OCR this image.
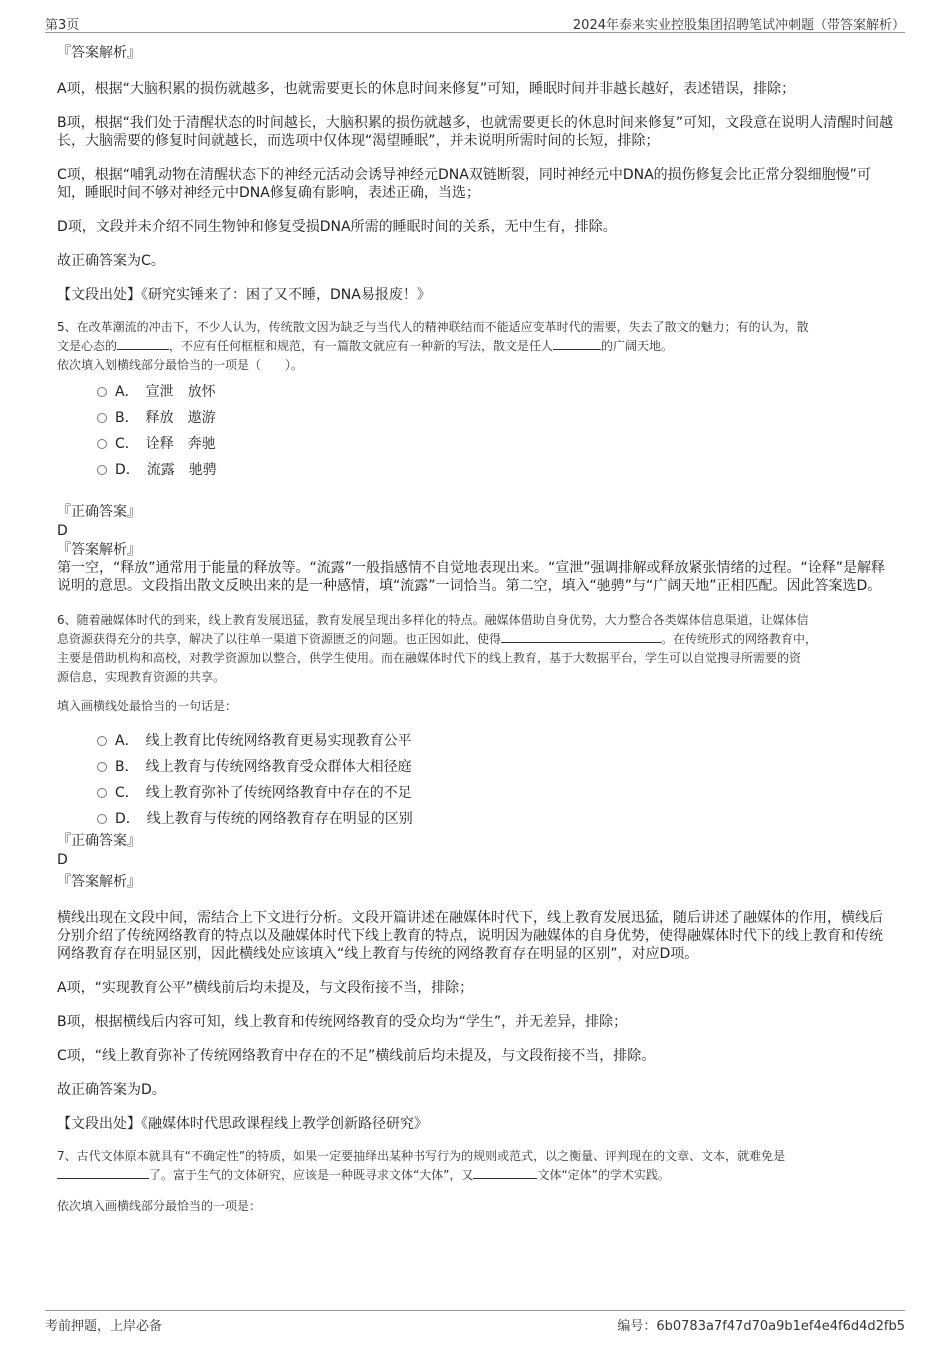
第3页	2024年泰来实业控股集团招聘笔试冲刺题（带答案解析）

『答案解析』

A项，根据“大脑积累的损伤就越多，也就需要更长的休息时间来修复”可知，睡眠时间并非越长越好，表述错误，排除；

B项，根据“我们处于清醒状态的时间越长，大脑积累的损伤就越多，也就需要更长的休息时间来修复”可知，文段意在说明人清醒时间越长，大脑需要的修复时间就越长，而选项中仅体现“渴望睡眠”，并未说明所需时间的长短，排除；

C项，根据“哺乳动物在清醒状态下的神经元活动会诱导神经元DNA双链断裂，同时神经元中DNA的损伤修复会比正常分裂细胞慢”可知，睡眠时间不够对神经元中DNA修复确有影响，表述正确，当选；

D项，文段并未介绍不同生物钟和修复受损DNA所需的睡眠时间的关系，无中生有，排除。

故正确答案为C。

【文段出处】《研究实锤来了：困了又不睡，DNA易报废！》

5、在改革潮流的冲击下，不少人认为，传统散文因为缺乏与当代人的精神联结而不能适应变革时代的需要，失去了散文的魅力；有的认为，散
文是心态的	，不应有任何框框和规范，有一篇散文就应有一种新的写法，散文是任人	的广阔天地。
依次填入划横线部分最恰当的一项是（　　）。

A．　宣泄　放怀
B．　释放　遨游
C．　诠释　奔驰
D．　流露　驰骋

『正确答案』

D

『答案解析』

第一空，“释放”通常用于能量的释放等。“流露”一般指感情不自觉地表现出来。“宣泄”强调排解或释放紧张情绪的过程。“诠释”是解释说明的意思。文段指出散文反映出来的是一种感情，填“流露”一词恰当。第二空，填入“驰骋”与“广阔天地”正相匹配。因此答案选D。

6、随着融媒体时代的到来，线上教育发展迅猛，教育发展呈现出多样化的特点。融媒体借助自身优势，大力整合各类媒体信息渠道，让媒体信
息资源获得充分的共享，解决了以往单一渠道下资源匮乏的问题。也正因如此，使得	。在传统形式的网络教育中，
主要是借助机构和高校，对教学资源加以整合，供学生使用。而在融媒体时代下的线上教育，基于大数据平台，学生可以自觉搜寻所需要的资
源信息，实现教育资源的共享。

填入画横线处最恰当的一句话是：

A．　线上教育比传统网络教育更易实现教育公平
B．　线上教育与传统网络教育受众群体大相径庭
C．　线上教育弥补了传统网络教育中存在的不足
D．　线上教育与传统的网络教育存在明显的区别

『正确答案』

D

『答案解析』

横线出现在文段中间，需结合上下文进行分析。文段开篇讲述在融媒体时代下，线上教育发展迅猛，随后讲述了融媒体的作用，横线后分别介绍了传统网络教育的特点以及融媒体时代下线上教育的特点，说明因为融媒体的自身优势，使得融媒体时代下的线上教育和传统网络教育存在明显区别，因此横线处应该填入“线上教育与传统的网络教育存在明显的区别”，对应D项。

A项，“实现教育公平”横线前后均未提及，与文段衔接不当，排除；

B项，根据横线后内容可知，线上教育和传统网络教育的受众均为“学生”，并无差异，排除；

C项，“线上教育弥补了传统网络教育中存在的不足”横线前后均未提及，与文段衔接不当，排除。

故正确答案为D。

【文段出处】《融媒体时代思政课程线上教学创新路径研究》

7、古代文体原本就具有“不确定性”的特质，如果一定要抽绎出某种书写行为的规则或范式，以之衡量、评判现在的文章、文本，就难免是
了。富于生气的文体研究，应该是一种既寻求文体“大体”，又	文体“定体”的学术实践。

依次填入画横线部分最恰当的一项是：

考前押题，上岸必备	编号：6b0783a7f47d70a9b1ef4e4f6d4d2fb5
